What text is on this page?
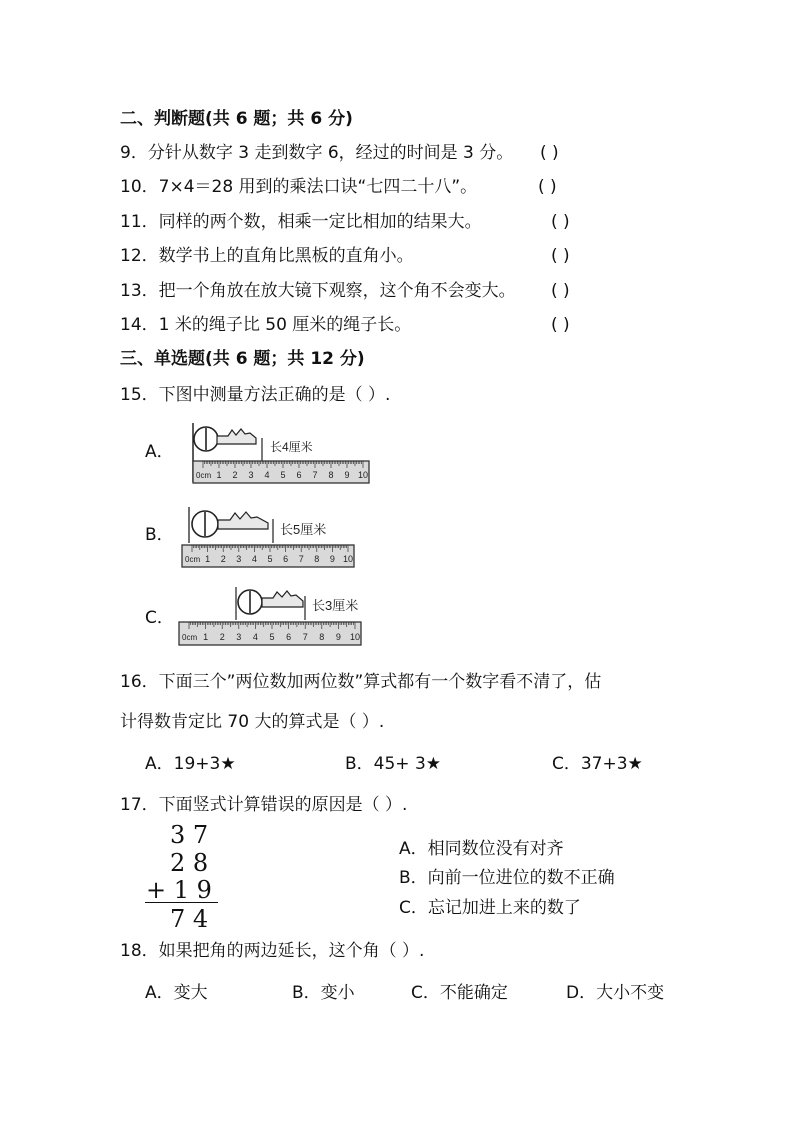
二、判断题(共 6 题；共 6 分)
9．分针从数字 3 走到数字 6，经过的时间是 3 分。 ( )
10．7×4＝28 用到的乘法口诀“七四二十八”。	( )
11．同样的两个数，相乘一定比相加的结果大。	( )
12．数学书上的直角比黑板的直角小。	( )
13．把一个角放在放大镜下观察，这个角不会变大。 ( )
14．1 米的绳子比 50 厘米的绳子长。	( )
三、单选题(共 6 题；共 12 分)
15．下图中测量方法正确的是（ ）.
A．	长4厘米
0cm 1 2 3 4 5 6 7 8 9 10
B．	长5厘米
0cm 1 2 3 4 5 6 7 8 9 10
C．
长3厘米
0cm 1 2 3 4 5 6 7 8 9 10
16．下面三个”两位数加两位数”算式都有一个数字看不清了，估
计得数肯定比 70 大的算式是（ ）.
A．19+3★	B．45+ 3★	C．37+3★
17．下面竖式计算错误的原因是（ ）.
3 7
2 8
+ 1 9
7 4
A．相同数位没有对齐
B．向前一位进位的数不正确
C．忘记加进上来的数了
18．如果把角的两边延长，这个角（ ）.
A．变大	B．变小	C．不能确定	D．大小不变
